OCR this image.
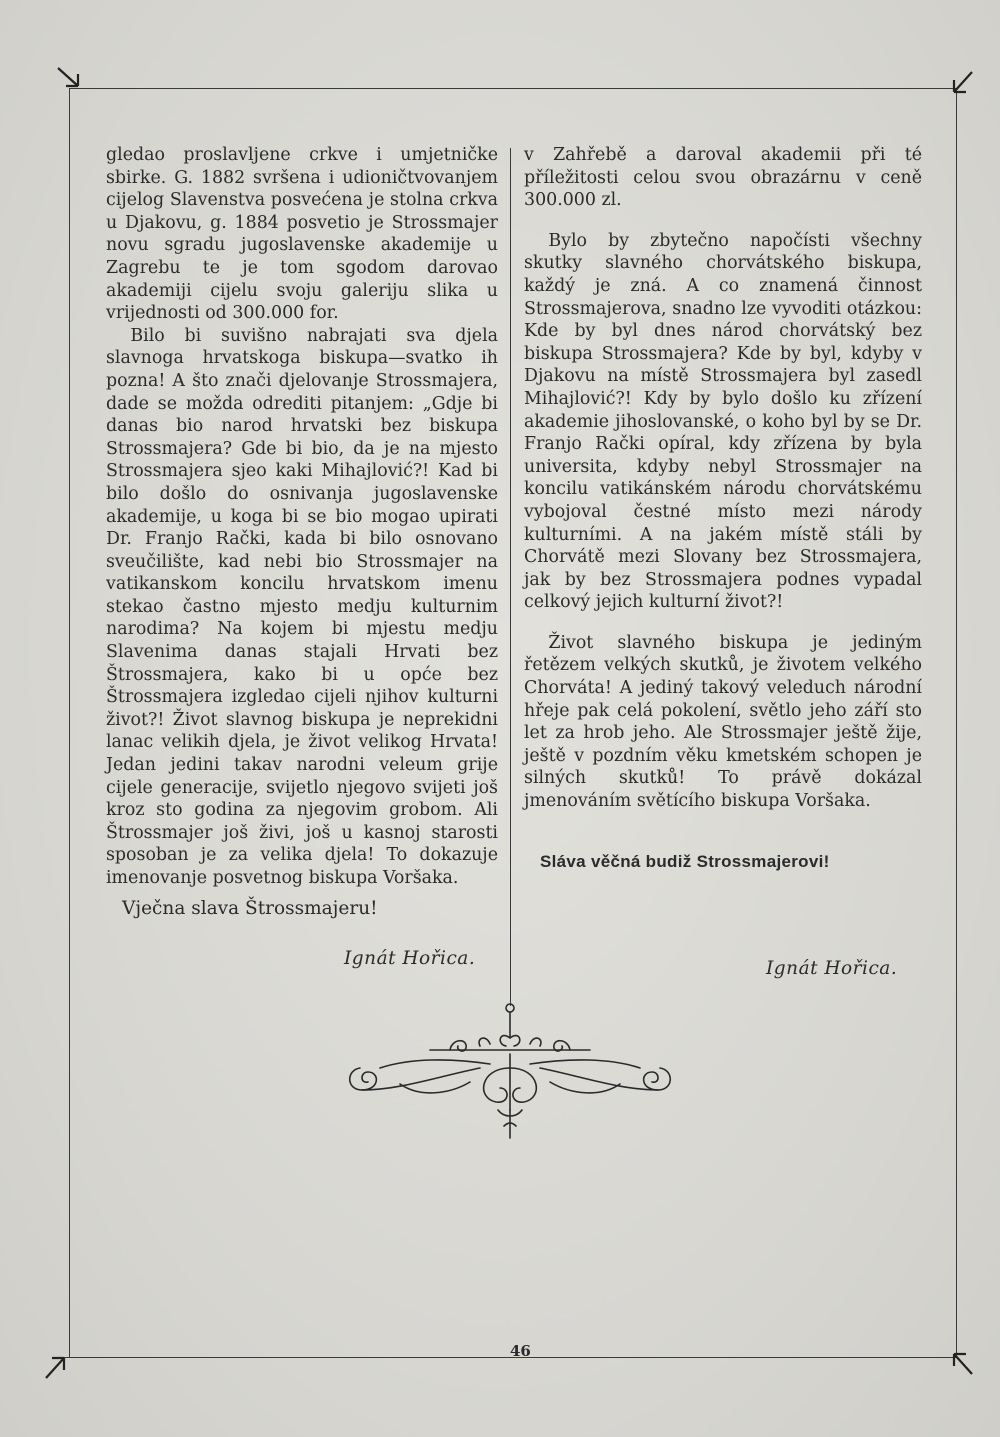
gledao proslavljene crkve i umjetničke sbirke. G. 1882 svršena i udioničtvovanjem cijelog Slavenstva posvećena je stolna crkva u Djakovu, g. 1884 posvetio je Strossmajer novu sgradu jugoslavenske akademije u Zagrebu te je tom sgodom darovao akademiji cijelu svoju galeriju slika u vrijednosti od 300.000 for.

Bilo bi suvišno nabrajati sva djela slavnoga hrvatskoga biskupa—svatko ih pozna! A što znači djelovanje Strossmajera, dade se možda odrediti pitanjem: „Gdje bi danas bio narod hrvatski bez biskupa Strossmajera? Gde bi bio, da je na mjesto Strossmajera sjeo kaki Mihajlović?! Kad bi bilo došlo do osnivanja jugoslavenske akademije, u koga bi se bio mogao upirati Dr. Franjo Rački, kada bi bilo osnovano sveučilište, kad nebi bio Strossmajer na vatikanskom koncilu hrvatskom imenu stekao častno mjesto medju kulturnim narodima? Na kojem bi mjestu medju Slavenima danas stajali Hrvati bez Štrossmajera, kako bi u opće bez Štrossmajera izgledao cijeli njihov kulturni život?! Život slavnog biskupa je neprekidni lanac velikih djela, je život velikog Hrvata! Jedan jedini takav narodni veleum grije cijele generacije, svijetlo njegovo svijeti još kroz sto godina za njegovim grobom. Ali Štrossmajer još živi, još u kasnoj starosti sposoban je za velika djela! To dokazuje imenovanje posvetnog biskupa Voršaka.

v Zahřebě a daroval akademii při té příležitosti celou svou obrazárnu v ceně 300.000 zl.

Bylo by zbytečno napočísti všechny skutky slavného chorvátského biskupa, každý je zná. A co znamená činnost Strossmajerova, snadno lze vyvoditi otázkou: Kde by byl dnes národ chorvátský bez biskupa Strossmajera? Kde by byl, kdyby v Djakovu na místě Strossmajera byl zasedl Mihajlović?! Kdy by bylo došlo ku zřízení akademie jihoslovanské, o koho byl by se Dr. Franjo Rački opíral, kdy zřízena by byla universita, kdyby nebyl Strossmajer na koncilu vatikánském národu chorvátskému vybojoval čestné místo mezi národy kulturními. A na jakém místě stáli by Chorvátě mezi Slovany bez Strossmajera, jak by bez Strossmajera podnes vypadal celkový jejich kulturní život?!

Život slavného biskupa je jediným řetězem velkých skutků, je životem velkého Chorváta! A jediný takový veleduch národní hřeje pak celá pokolení, světlo jeho září sto let za hrob jeho. Ale Strossmajer ještě žije, ještě v pozdním věku kmetském schopen je silných skutků! To právě dokázal jmenováním světícího biskupa Voršaka.

Vječna slava Štrossmajeru!
Sláva věčná budiž Strossmajerovi!
Ignát Hořica.	Ignát Hořica.
46
